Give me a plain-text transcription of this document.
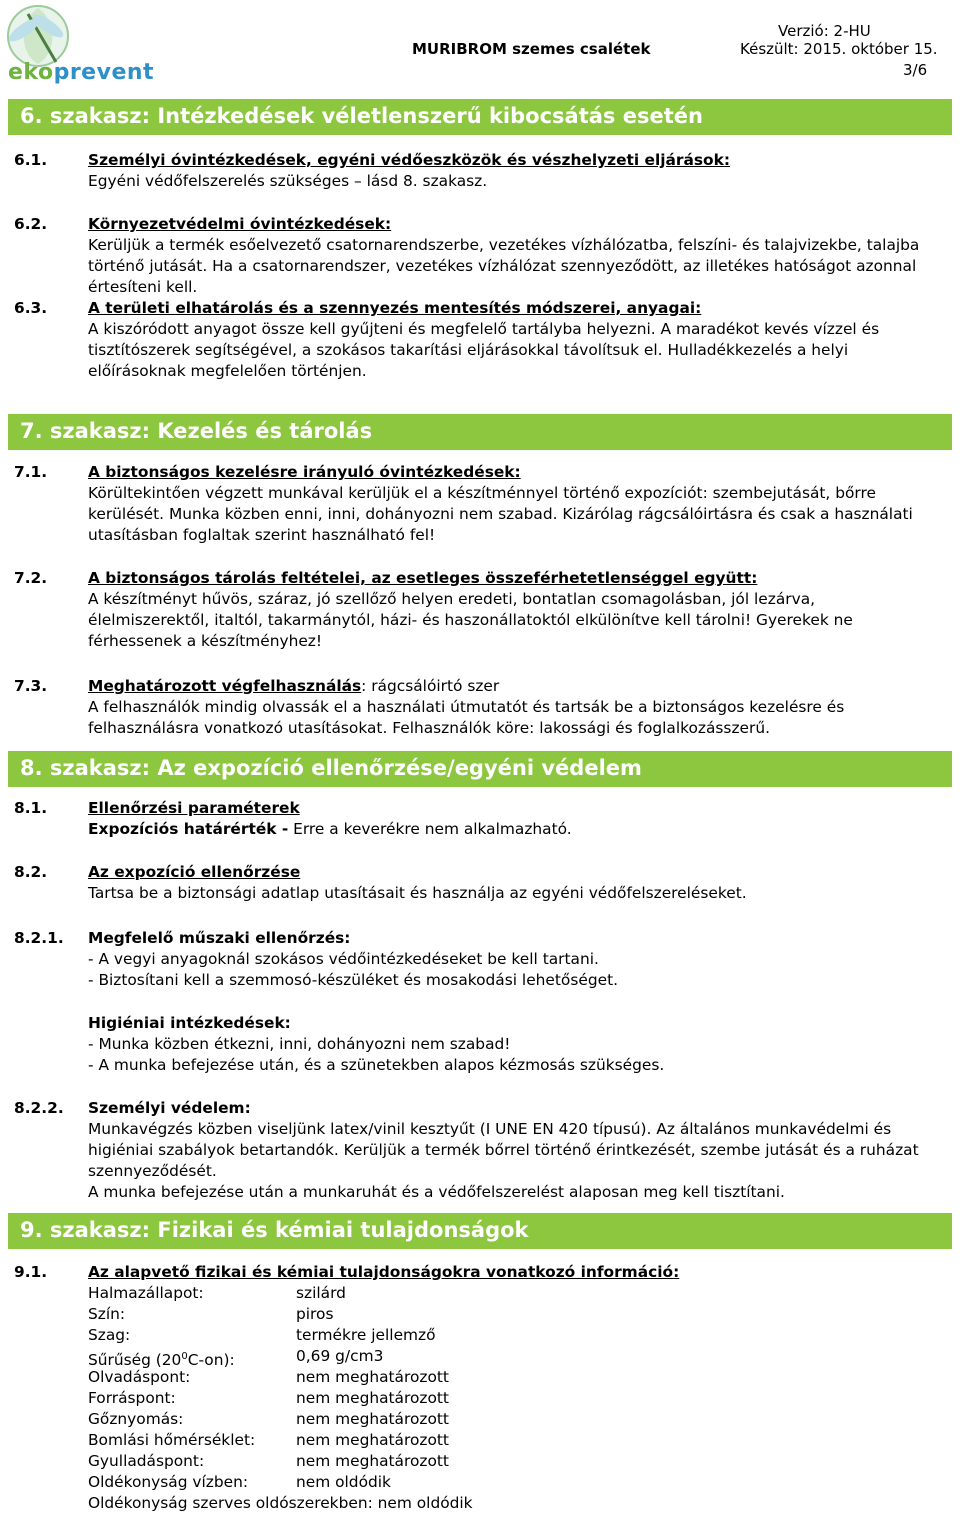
ekoprevent
MURIBROM szemes csalétek
Verzió: 2-HU
Készült: 2015. október 15.
3/6
6. szakasz: Intézkedések véletlenszerű kibocsátás esetén
6.1.	Személyi óvintézkedések, egyéni védőeszközök és vészhelyzeti eljárások:
Egyéni védőfelszerelés szükséges – lásd 8. szakasz.
6.2.	Környezetvédelmi óvintézkedések:
Kerüljük a termék esőelvezető csatornarendszerbe, vezetékes vízhálózatba, felszíni- és talajvizekbe, talajba
történő jutását. Ha a csatornarendszer, vezetékes vízhálózat szennyeződött, az illetékes hatóságot azonnal
értesíteni kell.
6.3.	A területi elhatárolás és a szennyezés mentesítés módszerei, anyagai:
A kiszóródott anyagot össze kell gyűjteni és megfelelő tartályba helyezni. A maradékot kevés vízzel és
tisztítószerek segítségével, a szokásos takarítási eljárásokkal távolítsuk el. Hulladékkezelés a helyi
előírásoknak megfelelően történjen.
7. szakasz: Kezelés és tárolás
7.1.	A biztonságos kezelésre irányuló óvintézkedések:
Körültekintően végzett munkával kerüljük el a készítménnyel történő expozíciót: szembejutását, bőrre
kerülését. Munka közben enni, inni, dohányozni nem szabad. Kizárólag rágcsálóirtásra és csak a használati
utasításban foglaltak szerint használható fel!
7.2.	A biztonságos tárolás feltételei, az esetleges összeférhetetlenséggel együtt:
A készítményt hűvös, száraz, jó szellőző helyen eredeti, bontatlan csomagolásban, jól lezárva,
élelmiszerektől, italtól, takarmánytól, házi- és haszonállatoktól elkülönítve kell tárolni! Gyerekek ne
férhessenek a készítményhez!
7.3.	Meghatározott végfelhasználás: rágcsálóirtó szer
A felhasználók mindig olvassák el a használati útmutatót és tartsák be a biztonságos kezelésre és
felhasználásra vonatkozó utasításokat. Felhasználók köre: lakossági és foglalkozásszerű.
8. szakasz: Az expozíció ellenőrzése/egyéni védelem
8.1.	Ellenőrzési paraméterek
Expozíciós határérték - Erre a keverékre nem alkalmazható.
8.2.	Az expozíció ellenőrzése
Tartsa be a biztonsági adatlap utasításait és használja az egyéni védőfelszereléseket.
8.2.1. Megfelelő műszaki ellenőrzés:
- A vegyi anyagoknál szokásos védőintézkedéseket be kell tartani.
- Biztosítani kell a szemmosó-készüléket és mosakodási lehetőséget.
Higiéniai intézkedések:
- Munka közben étkezni, inni, dohányozni nem szabad!
- A munka befejezése után, és a szünetekben alapos kézmosás szükséges.
8.2.2. Személyi védelem:
Munkavégzés közben viseljünk latex/vinil kesztyűt (I UNE EN 420 típusú). Az általános munkavédelmi és
higiéniai szabályok betartandók. Kerüljük a termék bőrrel történő érintkezését, szembe jutását és a ruházat
szennyeződését.
A munka befejezése után a munkaruhát és a védőfelszerelést alaposan meg kell tisztítani.
9. szakasz: Fizikai és kémiai tulajdonságok
9.1.	Az alapvető fizikai és kémiai tulajdonságokra vonatkozó információ:
Halmazállapot:	szilárd
Szín:	piros
Szag:	termékre jellemző
Sűrűség $(20^0C-on)$:	0,69 g/cm3
Olvadáspont:	nem meghatározott
Forráspont:	nem meghatározott
Gőznyomás:	nem meghatározott
Bomlási hőmérséklet:	nem meghatározott
Gyulladáspont:	nem meghatározott
Oldékonyság vízben:	nem oldódik
Oldékonyság szerves oldószerekben: nem oldódik
